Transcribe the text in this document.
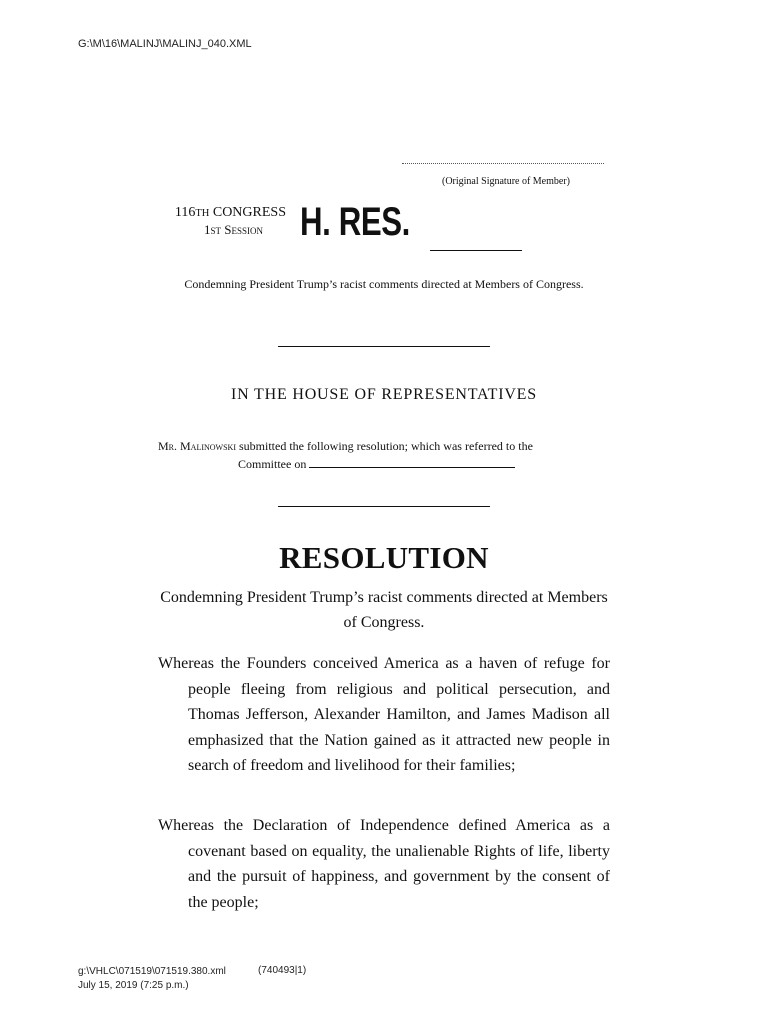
G:\M\16\MALINJ\MALINJ_040.XML
(Original Signature of Member)
116TH CONGRESS
1st Session H. RES.
Condemning President Trump’s racist comments directed at Members of Congress.
IN THE HOUSE OF REPRESENTATIVES
Mr. Malinowski submitted the following resolution; which was referred to the
Committee on
RESOLUTION
Condemning President Trump’s racist comments directed at Members of Congress.
Whereas the Founders conceived America as a haven of refuge for people fleeing from religious and political persecution, and Thomas Jefferson, Alexander Hamilton, and James Madison all emphasized that the Nation gained as it attracted new people in search of freedom and livelihood for their families;
Whereas the Declaration of Independence defined America as a covenant based on equality, the unalienable Rights of life, liberty and the pursuit of happiness, and government by the consent of the people;
g:\VHLC\071519\071519.380.xml	(740493|1)
July 15, 2019 (7:25 p.m.)
